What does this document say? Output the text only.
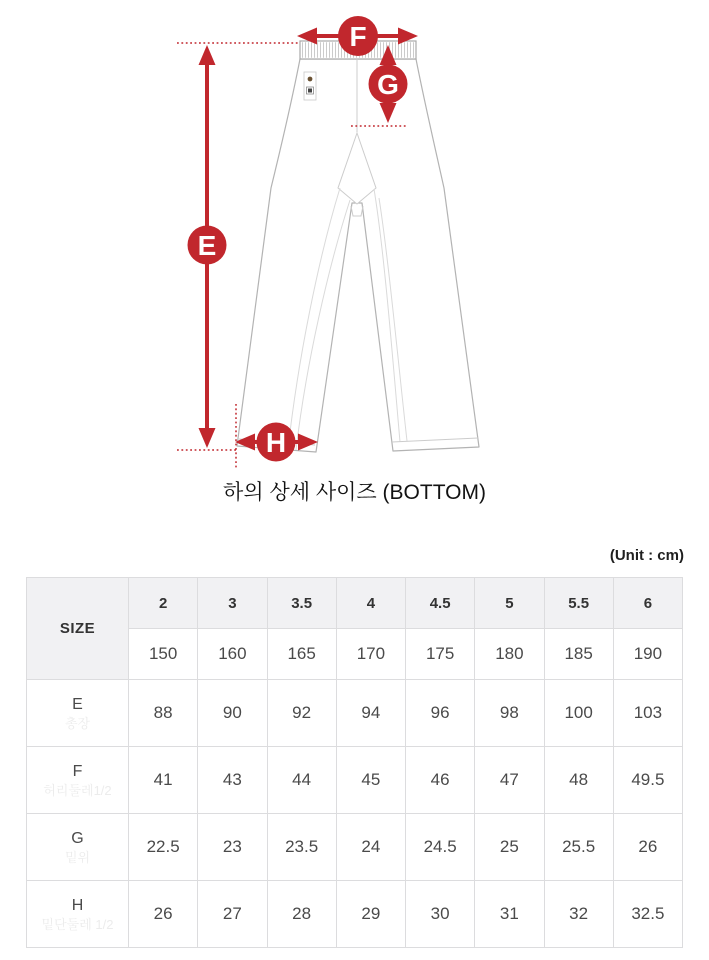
E
F
G
H
하의 상세 사이즈 (BOTTOM)
(Unit : cm)
SIZE	2	3	3.5	4	4.5	5	5.5	6
	150	160	165	170	175	180	185	190

E
총장	88	90	92	94	96	98	100	103

F
허리둘레1/2	41	43	44	45	46	47	48	49.5

G
밑위	22.5	23	23.5	24	24.5	25	25.5	26

H
밑단둘레 1/2	26	27	28	29	30	31	32	32.5
